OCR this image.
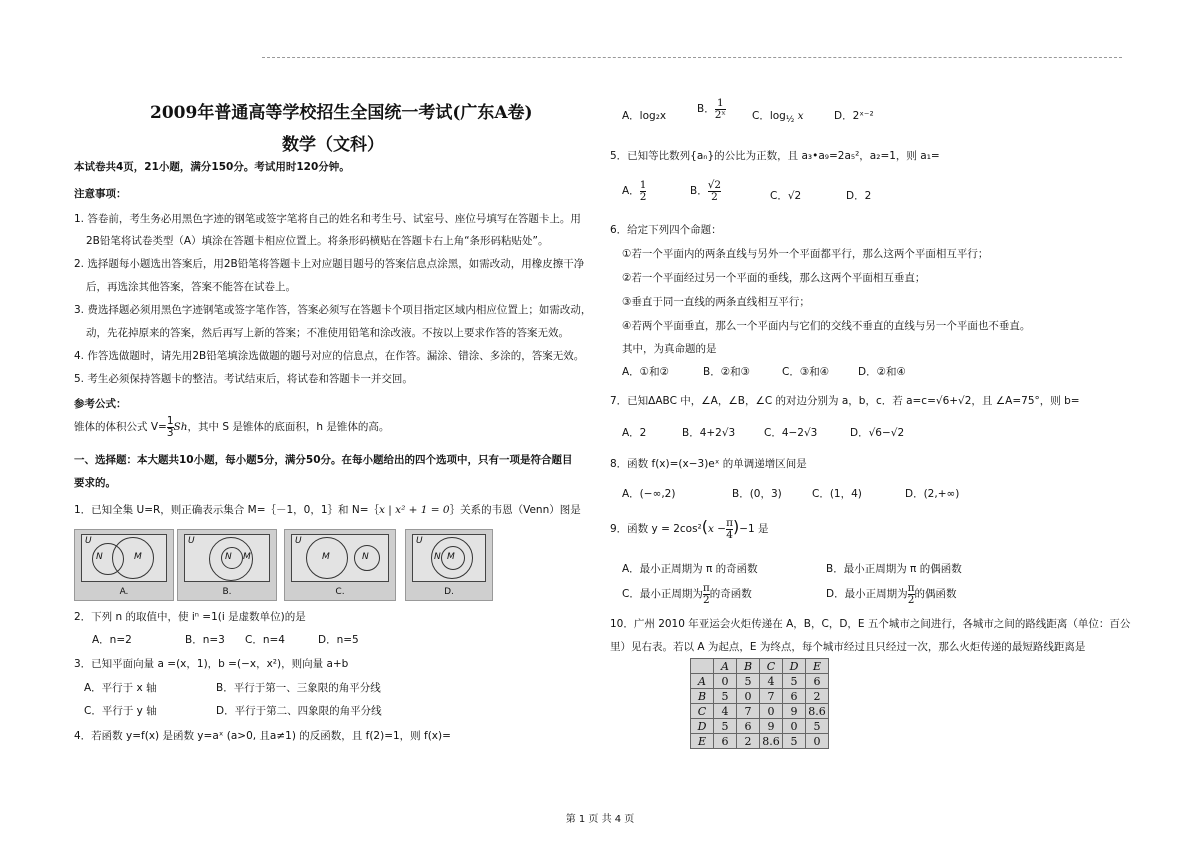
2009年普通高等学校招生全国统一考试(广东A卷)
数学（文科）
本试卷共4页，21小题，满分150分。考试用时120分钟。
注意事项：
1. 答卷前，考生务必用黑色字迹的钢笔或签字笔将自己的姓名和考生号、试室号、座位号填写在答题卡上。用
2B铅笔将试卷类型（A）填涂在答题卡相应位置上。将条形码横贴在答题卡右上角“条形码粘贴处”。
2. 选择题每小题选出答案后，用2B铅笔将答题卡上对应题目题号的答案信息点涂黑，如需改动，用橡皮擦干净
后，再选涂其他答案，答案不能答在试卷上。
3. 费选择题必须用黑色字迹钢笔或签字笔作答，答案必须写在答题卡个项目指定区域内相应位置上；如需改动，
动，先花掉原来的答案，然后再写上新的答案；不准使用铅笔和涂改液。不按以上要求作答的答案无效。
4. 作答选做题时，请先用2B铅笔填涂选做题的题号对应的信息点，在作答。漏涂、错涂、多涂的，答案无效。
5. 考生必须保持答题卡的整洁。考试结束后，将试卷和答题卡一并交回。
参考公式：
锥体的体积公式 $V= \frac{1}{3}$ Sh，其中 S 是锥体的底面积，h 是锥体的高。
一、选择题：本大题共10小题，每小题5分，满分50分。在每小题给出的四个选项中，只有一项是符合题目
要求的。
1．已知全集 U=R，则正确表示集合 M=｛－1，0，1｝和 N=｛x | x² + 1 = 0｝关系的韦恩（Venn）图是
U
N	M
A.
U
N M
B.
U
M	N
C.
U
N M
D.
2．下列 n 的取值中，使 iⁿ =1(i 是虚数单位)的是
A．n=2	B．n=3 C．n=4	D．n=5
3．已知平面向量 a =(x，1)，b =(−x，x²)，则向量 a+b
A．平行于 x 轴	B．平行于第一、三象限的角平分线
C．平行于 y 轴	D．平行于第二、四象限的角平分线
4．若函数 y=f(x) 是函数 y=aˣ (a>0, 且a≠1) 的反函数，且 f(2)=1，则 f(x)=
A．log₂x
B． $\frac{1}{\text{2ˣ}}$ C．$\log_{\frac{1}{2}} x$	D．2ˣ⁻²
5．已知等比数列{aₙ}的公比为正数，且 a₃•a₉=2a₅²，a₂=1，则 a₁=
A． $\frac{1}{2}$	B． $\frac{√2}{2}$	C．√2	D．2
6．给定下列四个命题：
①若一个平面内的两条直线与另外一个平面都平行，那么这两个平面相互平行；
②若一个平面经过另一个平面的垂线，那么这两个平面相互垂直；
③垂直于同一直线的两条直线相互平行；
④若两个平面垂直，那么一个平面内与它们的交线不垂直的直线与另一个平面也不垂直。
其中，为真命题的是
A．①和②	B．②和③	C．③和④	D．②和④
7．已知ΔABC 中，∠A，∠B，∠C 的对边分别为 a，b，c．若 a=c=√6+√2，且 ∠A=75°，则 b=
A．2	B．4+2√3	C．4−2√3	D．√6−√2
8．函数 f(x)=(x−3)eˣ 的单调递增区间是
A．(−∞,2)	B．(0，3)	C．(1，4)	D．(2,+∞)
9．函数 $y = 2\cos^2(x - \frac{\pi}{4} )-1$ 是
A．最小正周期为 π 的奇函数	B．最小正周期为 π 的偶函数
C．最小正周期为 $\frac{\pi}{2}$ 的奇函数	D．最小正周期为 $\frac{\pi}{2}$ 的偶函数
10．广州 2010 年亚运会火炬传递在 A，B，C，D，E 五个城市之间进行，各城市之间的路线距离（单位：百公
里）见右表。若以 A 为起点，E 为终点，每个城市经过且只经过一次，那么火炬传递的最短路线距离是
	A	B	C	D	E
A	0	5	4	5	6
B	5	0	7	6	2
C	4	7	0	9	8.6
D	5	6	9	0	5
E	6	2	8.6	5	0
第 1 页 共 4 页
